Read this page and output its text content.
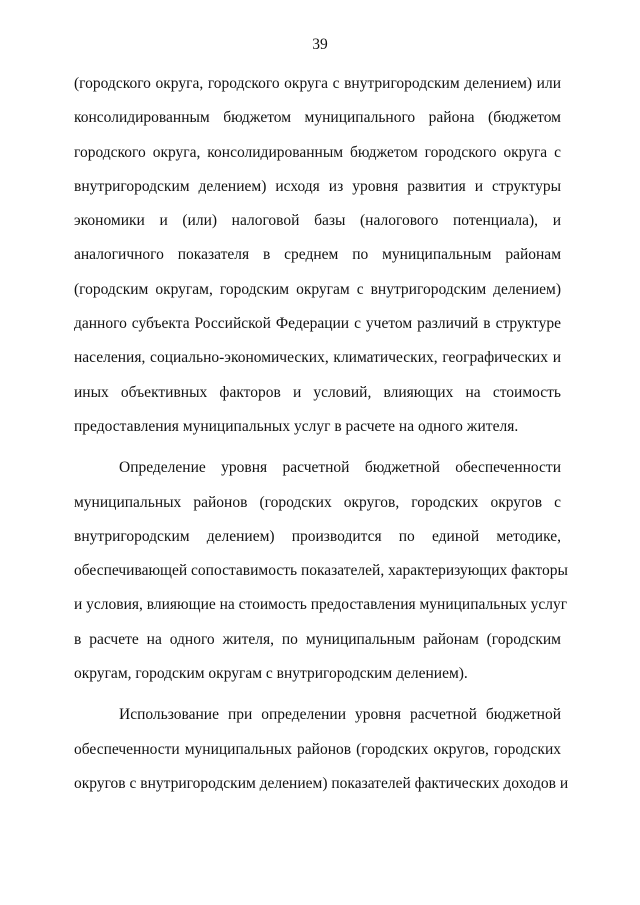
39
(городского округа, городского округа с внутригородским делением) или
консолидированным бюджетом муниципального района (бюджетом
городского округа, консолидированным бюджетом городского округа с
внутригородским делением) исходя из уровня развития и структуры
экономики и (или) налоговой базы (налогового потенциала), и
аналогичного показателя в среднем по муниципальным районам
(городским округам, городским округам с внутригородским делением)
данного субъекта Российской Федерации с учетом различий в структуре
населения, социально-экономических, климатических, географических и
иных объективных факторов и условий, влияющих на стоимость
предоставления муниципальных услуг в расчете на одного жителя.
Определение уровня расчетной бюджетной обеспеченности
муниципальных районов (городских округов, городских округов с
внутригородским делением) производится по единой методике,
обеспечивающей сопоставимость показателей, характеризующих факторы
и условия, влияющие на стоимость предоставления муниципальных услуг
в расчете на одного жителя, по муниципальным районам (городским
округам, городским округам с внутригородским делением).
Использование при определении уровня расчетной бюджетной
обеспеченности муниципальных районов (городских округов, городских
округов с внутригородским делением) показателей фактических доходов и
